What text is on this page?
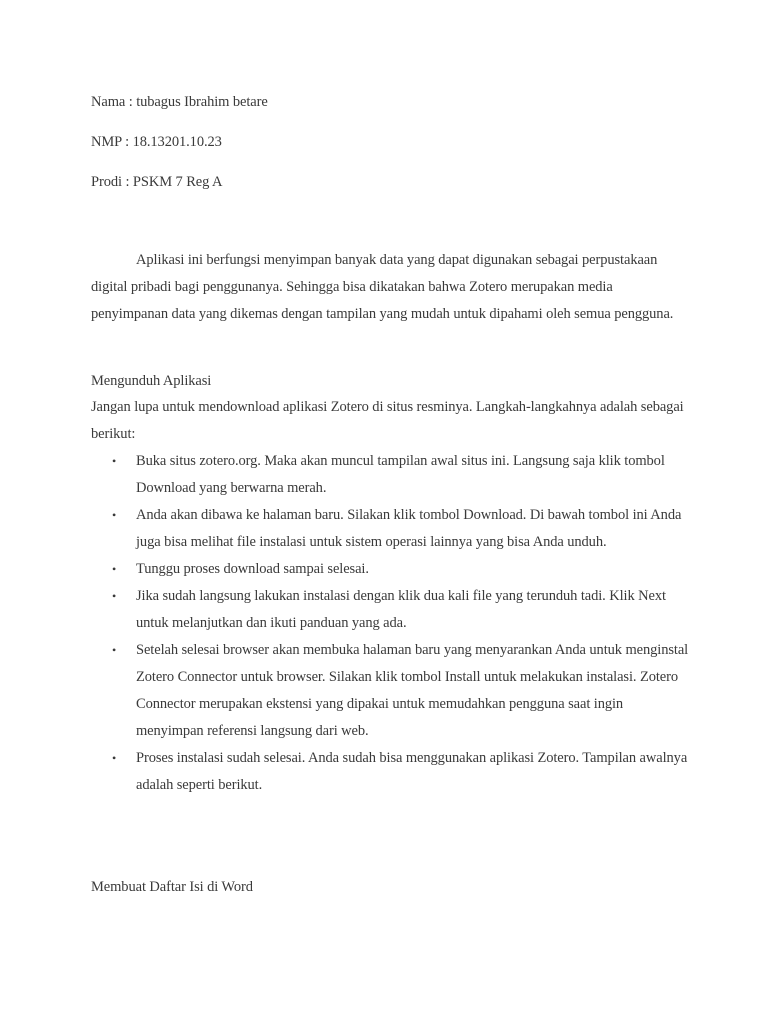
Nama : tubagus Ibrahim betare
NMP : 18.13201.10.23
Prodi : PSKM 7 Reg A

Aplikasi ini berfungsi menyimpan banyak data yang dapat digunakan sebagai perpustakaan digital pribadi bagi penggunanya. Sehingga bisa dikatakan bahwa Zotero merupakan media penyimpanan data yang dikemas dengan tampilan yang mudah untuk dipahami oleh semua pengguna.

Mengunduh Aplikasi

Jangan lupa untuk mendownload aplikasi Zotero di situs resminya. Langkah-langkahnya adalah sebagai berikut:

• Buka situs zotero.org. Maka akan muncul tampilan awal situs ini. Langsung saja klik tombol Download yang berwarna merah.
• Anda akan dibawa ke halaman baru. Silakan klik tombol Download. Di bawah tombol ini Anda juga bisa melihat file instalasi untuk sistem operasi lainnya yang bisa Anda unduh.
• Tunggu proses download sampai selesai.
• Jika sudah langsung lakukan instalasi dengan klik dua kali file yang terunduh tadi. Klik Next untuk melanjutkan dan ikuti panduan yang ada.
• Setelah selesai browser akan membuka halaman baru yang menyarankan Anda untuk menginstal Zotero Connector untuk browser. Silakan klik tombol Install untuk melakukan instalasi. Zotero Connector merupakan ekstensi yang dipakai untuk memudahkan pengguna saat ingin menyimpan referensi langsung dari web.
• Proses instalasi sudah selesai. Anda sudah bisa menggunakan aplikasi Zotero. Tampilan awalnya adalah seperti berikut.
Membuat Daftar Isi di Word
